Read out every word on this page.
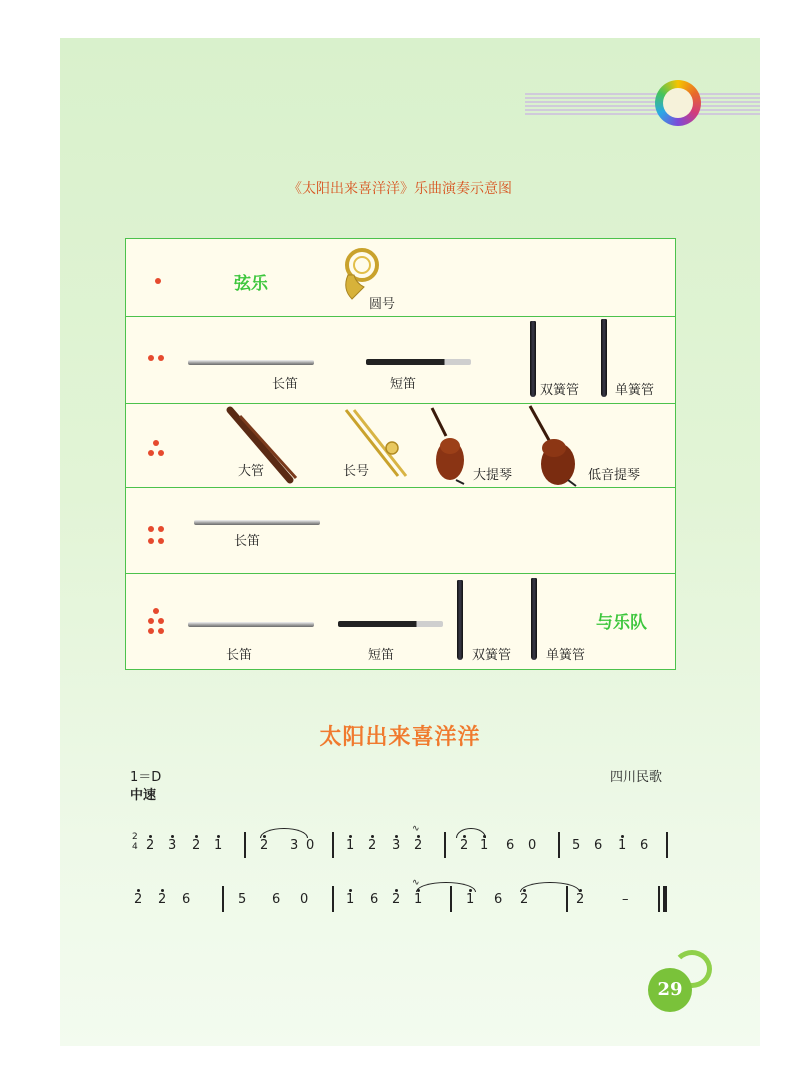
《太阳出来喜洋洋》乐曲演奏示意图
弦乐
圆号
长笛	短笛	双簧管	单簧管
大管	长号	大提琴	低音提琴
长笛
长笛	短笛	双簧管	单簧管
与乐队
太阳出来喜洋洋
1＝D
中速
四川民歌
2
4 2 3 2 1	2 3 0 1 2 3
∿
2	2 1 6 0	5 6 1 6
2 2 6	5 6 0	1 6 2
∿
1	1 6 2	2	–
29
